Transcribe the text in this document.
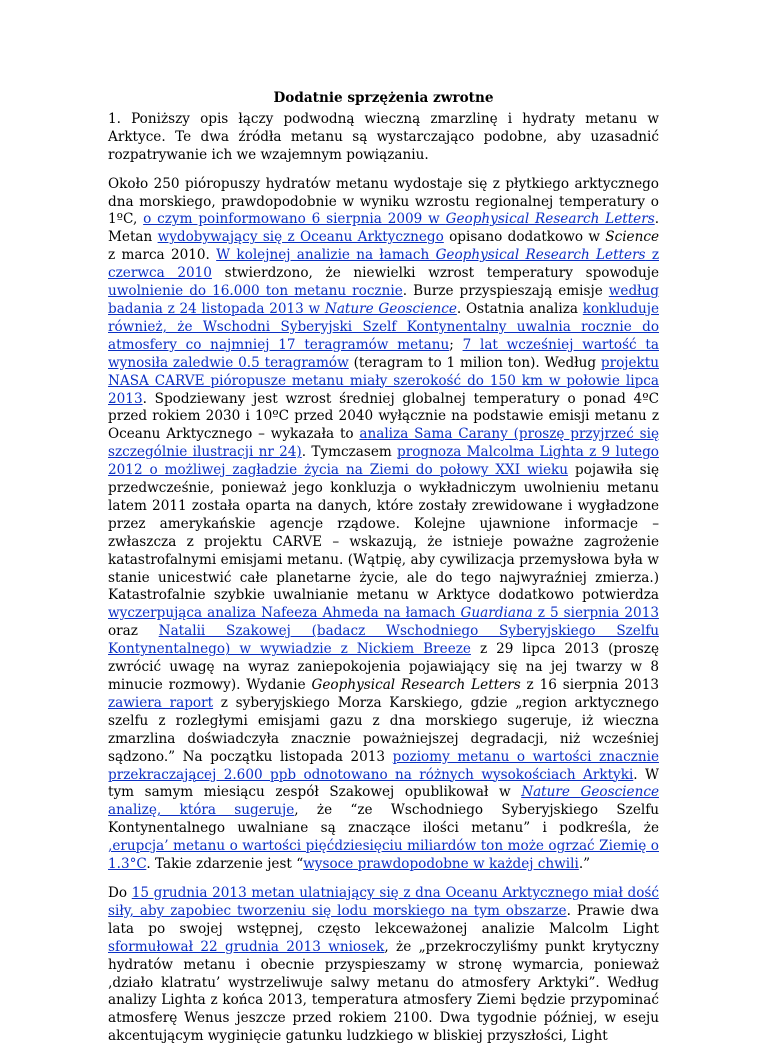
Dodatnie sprzężenia zwrotne

1. Poniższy opis łączy podwodną wieczną zmarzlinę i hydraty metanu w Arktyce. Te dwa źródła metanu są wystarczająco podobne, aby uzasadnić rozpatrywanie ich we wzajemnym powiązaniu.

Około 250 pióropuszy hydratów metanu wydostaje się z płytkiego arktycznego dna morskiego, prawdopodobnie w wyniku wzrostu regionalnej temperatury o 1ºC, o czym poinformowano 6 sierpnia 2009 w Geophysical Research Letters. Metan wydobywający się z Oceanu Arktycznego opisano dodatkowo w Science z marca 2010. W kolejnej analizie na łamach Geophysical Research Letters z czerwca 2010 stwierdzono, że niewielki wzrost temperatury spowoduje uwolnienie do 16.000 ton metanu rocznie. Burze przyspieszają emisje według badania z 24 listopada 2013 w Nature Geoscience. Ostatnia analiza konkluduje również, że Wschodni Syberyjski Szelf Kontynentalny uwalnia rocznie do atmosfery co najmniej 17 teragramów metanu; 7 lat wcześniej wartość ta wynosiła zaledwie 0.5 teragramów (teragram to 1 milion ton). Według projektu NASA CARVE pióropusze metanu miały szerokość do 150 km w połowie lipca 2013. Spodziewany jest wzrost średniej globalnej temperatury o ponad 4ºC przed rokiem 2030 i 10ºC przed 2040 wyłącznie na podstawie emisji metanu z Oceanu Arktycznego – wykazała to analiza Sama Carany (proszę przyjrzeć się szczególnie ilustracji nr 24). Tymczasem prognoza Malcolma Lighta z 9 lutego 2012 o możliwej zagładzie życia na Ziemi do połowy XXI wieku pojawiła się przedwcześnie, ponieważ jego konkluzja o wykładniczym uwolnieniu metanu latem 2011 została oparta na danych, które zostały zrewidowane i wygładzone przez amerykańskie agencje rządowe. Kolejne ujawnione informacje – zwłaszcza z projektu CARVE – wskazują, że istnieje poważne zagrożenie katastrofalnymi emisjami metanu. (Wątpię, aby cywilizacja przemysłowa była w stanie unicestwić całe planetarne życie, ale do tego najwyraźniej zmierza.) Katastrofalnie szybkie uwalnianie metanu w Arktyce dodatkowo potwierdza wyczerpująca analiza Nafeeza Ahmeda na łamach Guardiana z 5 sierpnia 2013 oraz Natalii Szakowej (badacz Wschodniego Syberyjskiego Szelfu Kontynentalnego) w wywiadzie z Nickiem Breeze z 29 lipca 2013 (proszę zwrócić uwagę na wyraz zaniepokojenia pojawiający się na jej twarzy w 8 minucie rozmowy). Wydanie Geophysical Research Letters z 16 sierpnia 2013 zawiera raport z syberyjskiego Morza Karskiego, gdzie „region arktycznego szelfu z rozległymi emisjami gazu z dna morskiego sugeruje, iż wieczna zmarzlina doświadczyła znacznie poważniejszej degradacji, niż wcześniej sądzono.” Na początku listopada 2013 poziomy metanu o wartości znacznie przekraczającej 2.600 ppb odnotowano na różnych wysokościach Arktyki. W tym samym miesiącu zespół Szakowej opublikował w Nature Geoscience analizę, która sugeruje, że “ze Wschodniego Syberyjskiego Szelfu Kontynentalnego uwalniane są znaczące ilości metanu” i podkreśla, że ‚erupcja’ metanu o wartości pięćdziesięciu miliardów ton może ogrzać Ziemię o 1.3°C. Takie zdarzenie jest “wysoce prawdopodobne w każdej chwili.”

Do 15 grudnia 2013 metan ulatniający się z dna Oceanu Arktycznego miał dość siły, aby zapobiec tworzeniu się lodu morskiego na tym obszarze. Prawie dwa lata po swojej wstępnej, często lekceważonej analizie Malcolm Light sformułował 22 grudnia 2013 wniosek, że „przekroczyliśmy punkt krytyczny hydratów metanu i obecnie przyspieszamy w stronę wymarcia, ponieważ ‚działo klatratu’ wystrzeliwuje salwy metanu do atmosfery Arktyki”. Według analizy Lighta z końca 2013, temperatura atmosfery Ziemi będzie przypominać atmosferę Wenus jeszcze przed rokiem 2100. Dwa tygodnie później, w eseju akcentującym wyginięcie gatunku ludzkiego w bliskiej przyszłości, Light
